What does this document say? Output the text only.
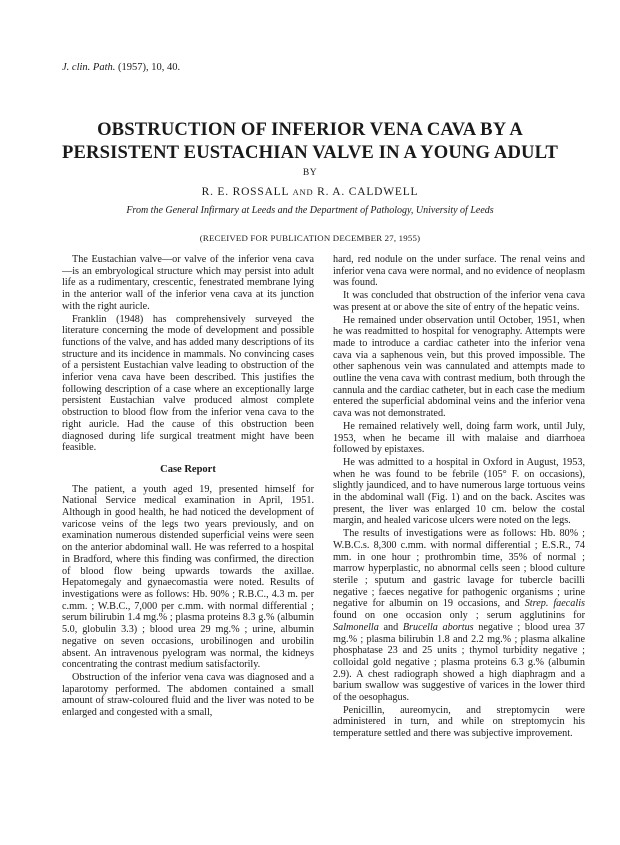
J. clin. Path. (1957), 10, 40.
OBSTRUCTION OF INFERIOR VENA CAVA BY A
PERSISTENT EUSTACHIAN VALVE IN A YOUNG ADULT
BY
R. E. ROSSALL AND R. A. CALDWELL
From the General Infirmary at Leeds and the Department of Pathology, University of Leeds
(RECEIVED FOR PUBLICATION DECEMBER 27, 1955)

The Eustachian valve—or valve of the inferior vena cava—is an embryological structure which may persist into adult life as a rudimentary, crescentic, fenestrated membrane lying in the anterior wall of the inferior vena cava at its junction with the right auricle.

Franklin (1948) has comprehensively surveyed the literature concerning the mode of development and possible functions of the valve, and has added many descriptions of its structure and its incidence in mammals. No convincing cases of a persistent Eustachian valve leading to obstruction of the inferior vena cava have been described. This justifies the following description of a case where an exceptionally large persistent Eustachian valve produced almost complete obstruction to blood flow from the inferior vena cava to the right auricle. Had the cause of this obstruction been diagnosed during life surgical treatment might have been feasible.

Case Report

The patient, a youth aged 19, presented himself for National Service medical examination in April, 1951. Although in good health, he had noticed the development of varicose veins of the legs two years previously, and on examination numerous distended superficial veins were seen on the anterior abdominal wall. He was referred to a hospital in Bradford, where this finding was confirmed, the direction of blood flow being upwards towards the axillae. Hepatomegaly and gynaecomastia were noted. Results of investigations were as follows: Hb. 90% ; R.B.C., 4.3 m. per c.mm. ; W.B.C., 7,000 per c.mm. with normal differential ; serum bilirubin 1.4 mg.% ; plasma proteins 8.3 g.% (albumin 5.0, globulin 3.3) ; blood urea 29 mg.% ; urine, albumin negative on seven occasions, urobilinogen and urobilin absent. An intravenous pyelogram was normal, the kidneys concentrating the contrast medium satisfactorily.

Obstruction of the inferior vena cava was diagnosed and a laparotomy performed. The abdomen contained a small amount of straw-coloured fluid and the liver was noted to be enlarged and congested with a small,

hard, red nodule on the under surface. The renal veins and inferior vena cava were normal, and no evidence of neoplasm was found.

It was concluded that obstruction of the inferior vena cava was present at or above the site of entry of the hepatic veins.

He remained under observation until October, 1951, when he was readmitted to hospital for venography. Attempts were made to introduce a cardiac catheter into the inferior vena cava via a saphenous vein, but this proved impossible. The other saphenous vein was cannulated and attempts made to outline the vena cava with contrast medium, both through the cannula and the cardiac catheter, but in each case the medium entered the superficial abdominal veins and the inferior vena cava was not demonstrated.

He remained relatively well, doing farm work, until July, 1953, when he became ill with malaise and diarrhoea followed by epistaxes.

He was admitted to a hospital in Oxford in August, 1953, when he was found to be febrile (105° F. on occasions), slightly jaundiced, and to have numerous large tortuous veins in the abdominal wall (Fig. 1) and on the back. Ascites was present, the liver was enlarged 10 cm. below the costal margin, and healed varicose ulcers were noted on the legs.

The results of investigations were as follows: Hb. 80% ; W.B.C.s. 8,300 c.mm. with normal differential ; E.S.R., 74 mm. in one hour ; prothrombin time, 35% of normal ; marrow hyperplastic, no abnormal cells seen ; blood culture sterile ; sputum and gastric lavage for tubercle bacilli negative ; faeces negative for pathogenic organisms ; urine negative for albumin on 19 occasions, and Strep. faecalis found on one occasion only ; serum agglutinins for Salmonella and Brucella abortus negative ; blood urea 37 mg.% ; plasma bilirubin 1.8 and 2.2 mg.% ; plasma alkaline phosphatase 23 and 25 units ; thymol turbidity negative ; colloidal gold negative ; plasma proteins 6.3 g.% (albumin 2.9). A chest radiograph showed a high diaphragm and a barium swallow was suggestive of varices in the lower third of the oesophagus.

Penicillin, aureomycin, and streptomycin were administered in turn, and while on streptomycin his temperature settled and there was subjective improvement.
